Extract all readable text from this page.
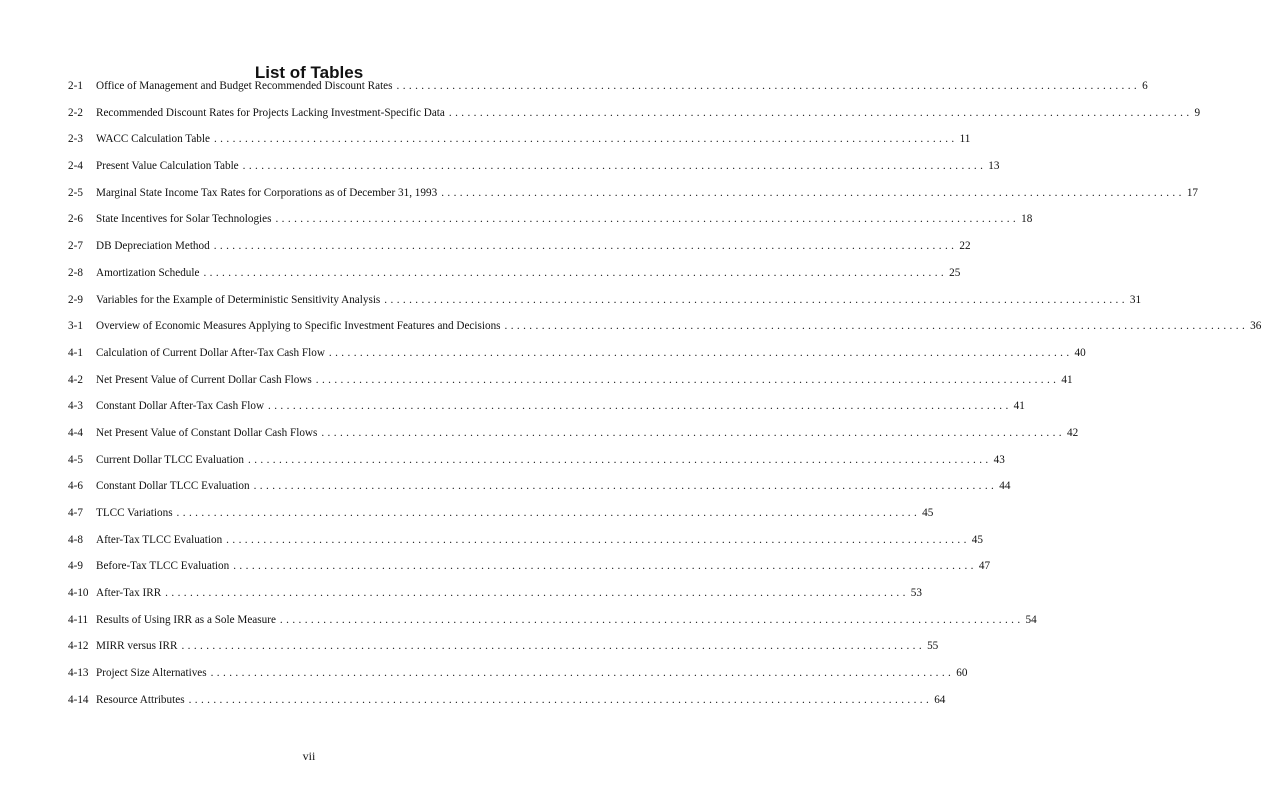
List of Tables
2-1	Office of Management and Budget Recommended Discount Rates ........................................................................................................................ 6
2-2	Recommended Discount Rates for Projects Lacking Investment-Specific Data ........................................................................................................................ 9
2-3	WACC Calculation Table ........................................................................................................................ 11
2-4	Present Value Calculation Table ........................................................................................................................ 13
2-5	Marginal State Income Tax Rates for Corporations as of December 31, 1993 ........................................................................................................................ 17
2-6	State Incentives for Solar Technologies ........................................................................................................................ 18
2-7	DB Depreciation Method ........................................................................................................................ 22
2-8	Amortization Schedule ........................................................................................................................ 25
2-9	Variables for the Example of Deterministic Sensitivity Analysis ........................................................................................................................ 31
3-1	Overview of Economic Measures Applying to Specific Investment Features and Decisions ........................................................................................................................ 36
4-1	Calculation of Current Dollar After-Tax Cash Flow ........................................................................................................................ 40
4-2	Net Present Value of Current Dollar Cash Flows ........................................................................................................................ 41
4-3	Constant Dollar After-Tax Cash Flow ........................................................................................................................ 41
4-4	Net Present Value of Constant Dollar Cash Flows ........................................................................................................................ 42
4-5	Current Dollar TLCC Evaluation ........................................................................................................................ 43
4-6	Constant Dollar TLCC Evaluation ........................................................................................................................ 44
4-7	TLCC Variations ........................................................................................................................ 45
4-8	After-Tax TLCC Evaluation ........................................................................................................................ 45
4-9	Before-Tax TLCC Evaluation ........................................................................................................................ 47
4-10 After-Tax IRR ........................................................................................................................ 53
4-11 Results of Using IRR as a Sole Measure ........................................................................................................................ 54
4-12 MIRR versus IRR ........................................................................................................................ 55
4-13 Project Size Alternatives ........................................................................................................................ 60
4-14 Resource Attributes ........................................................................................................................ 64
vii
